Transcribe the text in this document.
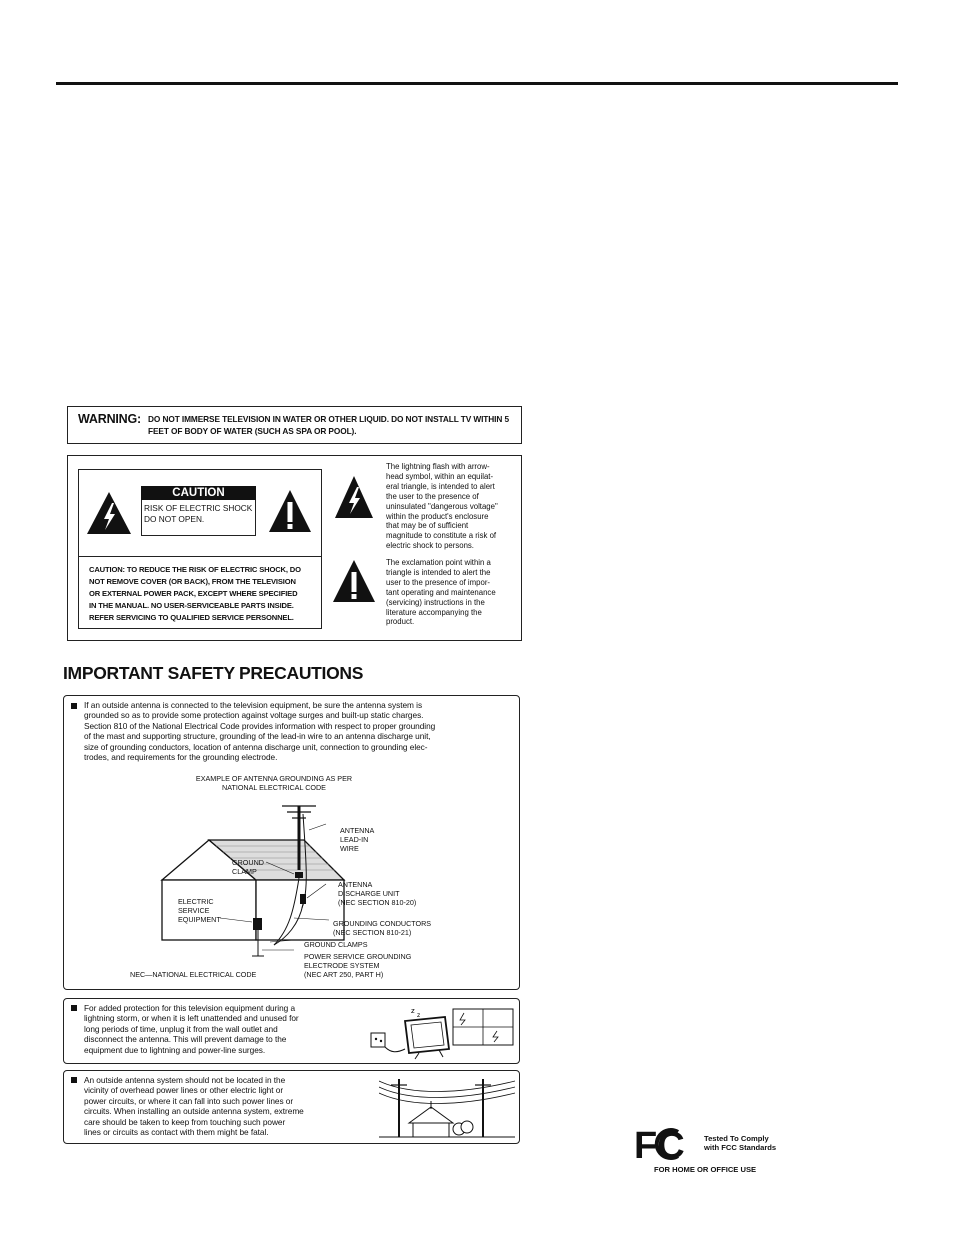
WARNING: DO NOT IMMERSE TELEVISION IN WATER OR OTHER LIQUID. DO NOT INSTALL TV WITHIN 5 FEET OF BODY OF WATER (SUCH AS SPA OR POOL).
CAUTION
RISK OF ELECTRIC SHOCK
DO NOT OPEN.
CAUTION: TO REDUCE THE RISK OF ELECTRIC SHOCK, DO
NOT REMOVE COVER (OR BACK), FROM THE TELEVISION
OR EXTERNAL POWER PACK, EXCEPT WHERE SPECIFIED
IN THE MANUAL. NO USER-SERVICEABLE PARTS INSIDE.
REFER SERVICING TO QUALIFIED SERVICE PERSONNEL.
The lightning flash with arrow-
head symbol, within an equilat-
eral triangle, is intended to alert
the user to the presence of
uninsulated "dangerous voltage"
within the product's enclosure
that may be of sufficient
magnitude to constitute a risk of
electric shock to persons.
The exclamation point within a
triangle is intended to alert the
user to the presence of impor-
tant operating and maintenance
(servicing) instructions in the
literature accompanying the
product.
IMPORTANT SAFETY PRECAUTIONS
If an outside antenna is connected to the television equipment, be sure the antenna system is
grounded so as to provide some protection against voltage surges and built-up static charges.
Section 810 of the National Electrical Code provides information with respect to proper grounding
of the mast and supporting structure, grounding of the lead-in wire to an antenna discharge unit,
size of grounding conductors, location of antenna discharge unit, connection to grounding elec-
trodes, and requirements for the grounding electrode.
EXAMPLE OF ANTENNA GROUNDING AS PER
NATIONAL ELECTRICAL CODE
ANTENNA
LEAD-IN
WIRE
GROUND
CLAMP
ANTENNA
DISCHARGE UNIT
(NEC SECTION 810-20)
ELECTRIC
SERVICE
EQUIPMENT	GROUNDING CONDUCTORS
(NEC SECTION 810-21)
GROUND CLAMPS
POWER SERVICE GROUNDING
ELECTRODE SYSTEM
(NEC ART 250, PART H)
NEC—NATIONAL ELECTRICAL CODE
For added protection for this television equipment during a
lightning storm, or when it is left unattended and unused for
long periods of time, unplug it from the wall outlet and
disconnect the antenna. This will prevent damage to the
equipment due to lightning and power-line surges.
z
z
An outside antenna system should not be located in the
vicinity of overhead power lines or other electric light or
power circuits, or where it can fall into such power lines or
circuits. When installing an outside antenna system, extreme
care should be taken to keep from touching such power
lines or circuits as contact with them might be fatal.	FC	Tested To Comply
with FCC Standards
FOR HOME OR OFFICE USE
